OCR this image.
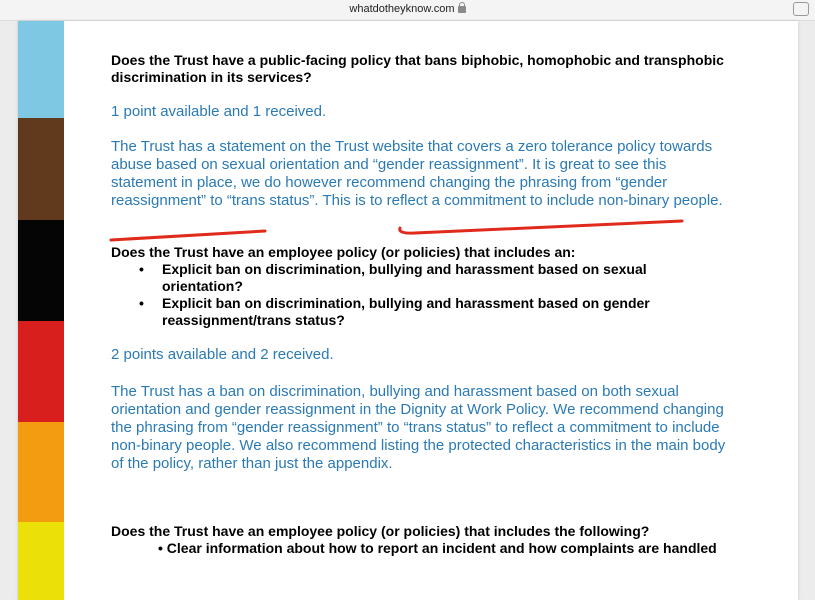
whatdotheyknow.com

Does the Trust have a public-facing policy that bans biphobic, homophobic and transphobic discrimination in its services?

1 point available and 1 received.

The Trust has a statement on the Trust website that covers a zero tolerance policy towards abuse based on sexual orientation and “gender reassignment”. It is great to see this statement in place, we do however recommend changing the phrasing from “gender reassignment” to “trans status”. This is to reflect a commitment to include non-binary people.

Does the Trust have an employee policy (or policies) that includes an:

• Explicit ban on discrimination, bullying and harassment based on sexual orientation?
• Explicit ban on discrimination, bullying and harassment based on gender reassignment/trans status?

2 points available and 2 received.

The Trust has a ban on discrimination, bullying and harassment based on both sexual orientation and gender reassignment in the Dignity at Work Policy. We recommend changing the phrasing from “gender reassignment” to “trans status” to reflect a commitment to include non-binary people. We also recommend listing the protected characteristics in the main body of the policy, rather than just the appendix.

Does the Trust have an employee policy (or policies) that includes the following?

• Clear information about how to report an incident and how complaints are handled
